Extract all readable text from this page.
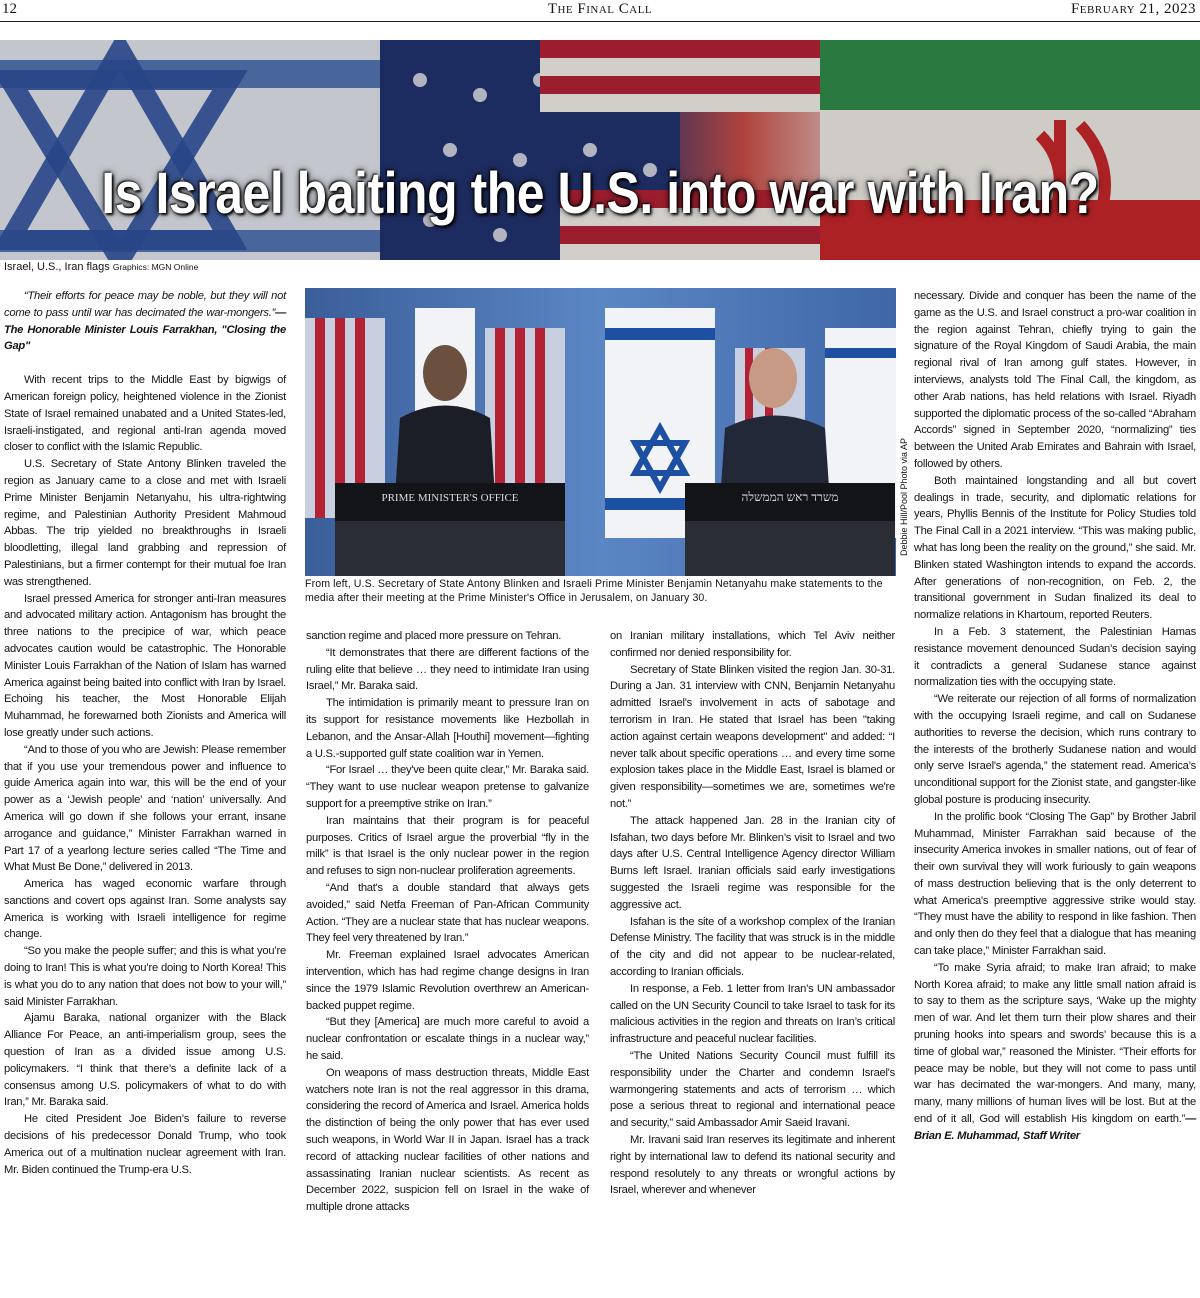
12	The Final Call	February 21, 2023
Is Israel baiting the U.S. into war with Iran?
Israel, U.S., Iran flags Graphics: MGN Online
“Their efforts for peace may be noble, but they will not come to pass until war has decimated the war-mongers.”—The Honorable Minister Louis Farrakhan, "Closing the Gap"

With recent trips to the Middle East by bigwigs of American foreign policy, heightened violence in the Zionist State of Israel remained unabated and a United States-led, Israeli-instigated, and regional anti-Iran agenda moved closer to conflict with the Islamic Republic.

U.S. Secretary of State Antony Blinken traveled the region as January came to a close and met with Israeli Prime Minister Benjamin Netanyahu, his ultra-rightwing regime, and Palestinian Authority President Mahmoud Abbas. The trip yielded no breakthroughs in Israeli bloodletting, illegal land grabbing and repression of Palestinians, but a firmer contempt for their mutual foe Iran was strengthened.

Israel pressed America for stronger anti-Iran measures and advocated military action. Antagonism has brought the three nations to the precipice of war, which peace advocates caution would be catastrophic. The Honorable Minister Louis Farrakhan of the Nation of Islam has warned America against being baited into conflict with Iran by Israel. Echoing his teacher, the Most Honorable Elijah Muhammad, he forewarned both Zionists and America will lose greatly under such actions.

“And to those of you who are Jewish: Please remember that if you use your tremendous power and influence to guide America again into war, this will be the end of your power as a ‘Jewish people’ and ‘nation’ universally. And America will go down if she follows your errant, insane arrogance and guidance,” Minister Farrakhan warned in Part 17 of a yearlong lecture series called “The Time and What Must Be Done,” delivered in 2013.

America has waged economic warfare through sanctions and covert ops against Iran. Some analysts say America is working with Israeli intelligence for regime change.

“So you make the people suffer; and this is what you’re doing to Iran! This is what you’re doing to North Korea! This is what you do to any nation that does not bow to your will,” said Minister Farrakhan.

Ajamu Baraka, national organizer with the Black Alliance For Peace, an anti-imperialism group, sees the question of Iran as a divided issue among U.S. policymakers. “I think that there’s a definite lack of a consensus among U.S. policymakers of what to do with Iran,” Mr. Baraka said.

He cited President Joe Biden’s failure to reverse decisions of his predecessor Donald Trump, who took America out of a multination nuclear agreement with Iran. Mr. Biden continued the Trump-era U.S.

PRIME MINISTER'S OFFICE	משרד ראש הממשלה	Debbie Hill/Pool Photo via AP
From left, U.S. Secretary of State Antony Blinken and Israeli Prime Minister Benjamin Netanyahu make statements to the media after their meeting at the Prime Minister's Office in Jerusalem, on January 30.

sanction regime and placed more pressure on Tehran.

“It demonstrates that there are different factions of the ruling elite that believe … they need to intimidate Iran using Israel,” Mr. Baraka said.

The intimidation is primarily meant to pressure Iran on its support for resistance movements like Hezbollah in Lebanon, and the Ansar-Allah [Houthi] movement—fighting a U.S.-supported gulf state coalition war in Yemen.

“For Israel … they've been quite clear,” Mr. Baraka said. “They want to use nuclear weapon pretense to galvanize support for a preemptive strike on Iran.”

Iran maintains that their program is for peaceful purposes. Critics of Israel argue the proverbial “fly in the milk” is that Israel is the only nuclear power in the region and refuses to sign non-nuclear proliferation agreements.

“And that's a double standard that always gets avoided,” said Netfa Freeman of Pan-African Community Action. “They are a nuclear state that has nuclear weapons. They feel very threatened by Iran.”

Mr. Freeman explained Israel advocates American intervention, which has had regime change designs in Iran since the 1979 Islamic Revolution overthrew an American-backed puppet regime.

“But they [America] are much more careful to avoid a nuclear confrontation or escalate things in a nuclear way,” he said.

On weapons of mass destruction threats, Middle East watchers note Iran is not the real aggressor in this drama, considering the record of America and Israel. America holds the distinction of being the only power that has ever used such weapons, in World War II in Japan. Israel has a track record of attacking nuclear facilities of other nations and assassinating Iranian nuclear scientists. As recent as December 2022, suspicion fell on Israel in the wake of multiple drone attacks

on Iranian military installations, which Tel Aviv neither confirmed nor denied responsibility for.

Secretary of State Blinken visited the region Jan. 30-31. During a Jan. 31 interview with CNN, Benjamin Netanyahu admitted Israel's involvement in acts of sabotage and terrorism in Iran. He stated that Israel has been "taking action against certain weapons development" and added: “I never talk about specific operations … and every time some explosion takes place in the Middle East, Israel is blamed or given responsibility—sometimes we are, sometimes we're not.”

The attack happened Jan. 28 in the Iranian city of Isfahan, two days before Mr. Blinken’s visit to Israel and two days after U.S. Central Intelligence Agency director William Burns left Israel. Iranian officials said early investigations suggested the Israeli regime was responsible for the aggressive act.

Isfahan is the site of a workshop complex of the Iranian Defense Ministry. The facility that was struck is in the middle of the city and did not appear to be nuclear-related, according to Iranian officials.

In response, a Feb. 1 letter from Iran’s UN ambassador called on the UN Security Council to take Israel to task for its malicious activities in the region and threats on Iran’s critical infrastructure and peaceful nuclear facilities.

“The United Nations Security Council must fulfill its responsibility under the Charter and condemn Israel's warmongering statements and acts of terrorism … which pose a serious threat to regional and international peace and security,” said Ambassador Amir Saeid Iravani.

Mr. Iravani said Iran reserves its legitimate and inherent right by international law to defend its national security and respond resolutely to any threats or wrongful actions by Israel, wherever and whenever

necessary. Divide and conquer has been the name of the game as the U.S. and Israel construct a pro-war coalition in the region against Tehran, chiefly trying to gain the signature of the Royal Kingdom of Saudi Arabia, the main regional rival of Iran among gulf states. However, in interviews, analysts told The Final Call, the kingdom, as other Arab nations, has held relations with Israel. Riyadh supported the diplomatic process of the so-called “Abraham Accords” signed in September 2020, “normalizing” ties between the United Arab Emirates and Bahrain with Israel, followed by others.

Both maintained longstanding and all but covert dealings in trade, security, and diplomatic relations for years, Phyllis Bennis of the Institute for Policy Studies told The Final Call in a 2021 interview. “This was making public, what has long been the reality on the ground,” she said. Mr. Blinken stated Washington intends to expand the accords. After generations of non-recognition, on Feb. 2, the transitional government in Sudan finalized its deal to normalize relations in Khartoum, reported Reuters.

In a Feb. 3 statement, the Palestinian Hamas resistance movement denounced Sudan’s decision saying it contradicts a general Sudanese stance against normalization ties with the occupying state.

“We reiterate our rejection of all forms of normalization with the occupying Israeli regime, and call on Sudanese authorities to reverse the decision, which runs contrary to the interests of the brotherly Sudanese nation and would only serve Israel's agenda,” the statement read. America’s unconditional support for the Zionist state, and gangster-like global posture is producing insecurity.

In the prolific book “Closing The Gap” by Brother Jabril Muhammad, Minister Farrakhan said because of the insecurity America invokes in smaller nations, out of fear of their own survival they will work furiously to gain weapons of mass destruction believing that is the only deterrent to what America's preemptive aggressive strike would stay. “They must have the ability to respond in like fashion. Then and only then do they feel that a dialogue that has meaning can take place,” Minister Farrakhan said.

“To make Syria afraid; to make Iran afraid; to make North Korea afraid; to make any little small nation afraid is to say to them as the scripture says, ‘Wake up the mighty men of war. And let them turn their plow shares and their pruning hooks into spears and swords’ because this is a time of global war,” reasoned the Minister. “Their efforts for peace may be noble, but they will not come to pass until war has decimated the war-mongers. And many, many, many, many millions of human lives will be lost. But at the end of it all, God will establish His kingdom on earth.”—Brian E. Muhammad, Staff Writer
